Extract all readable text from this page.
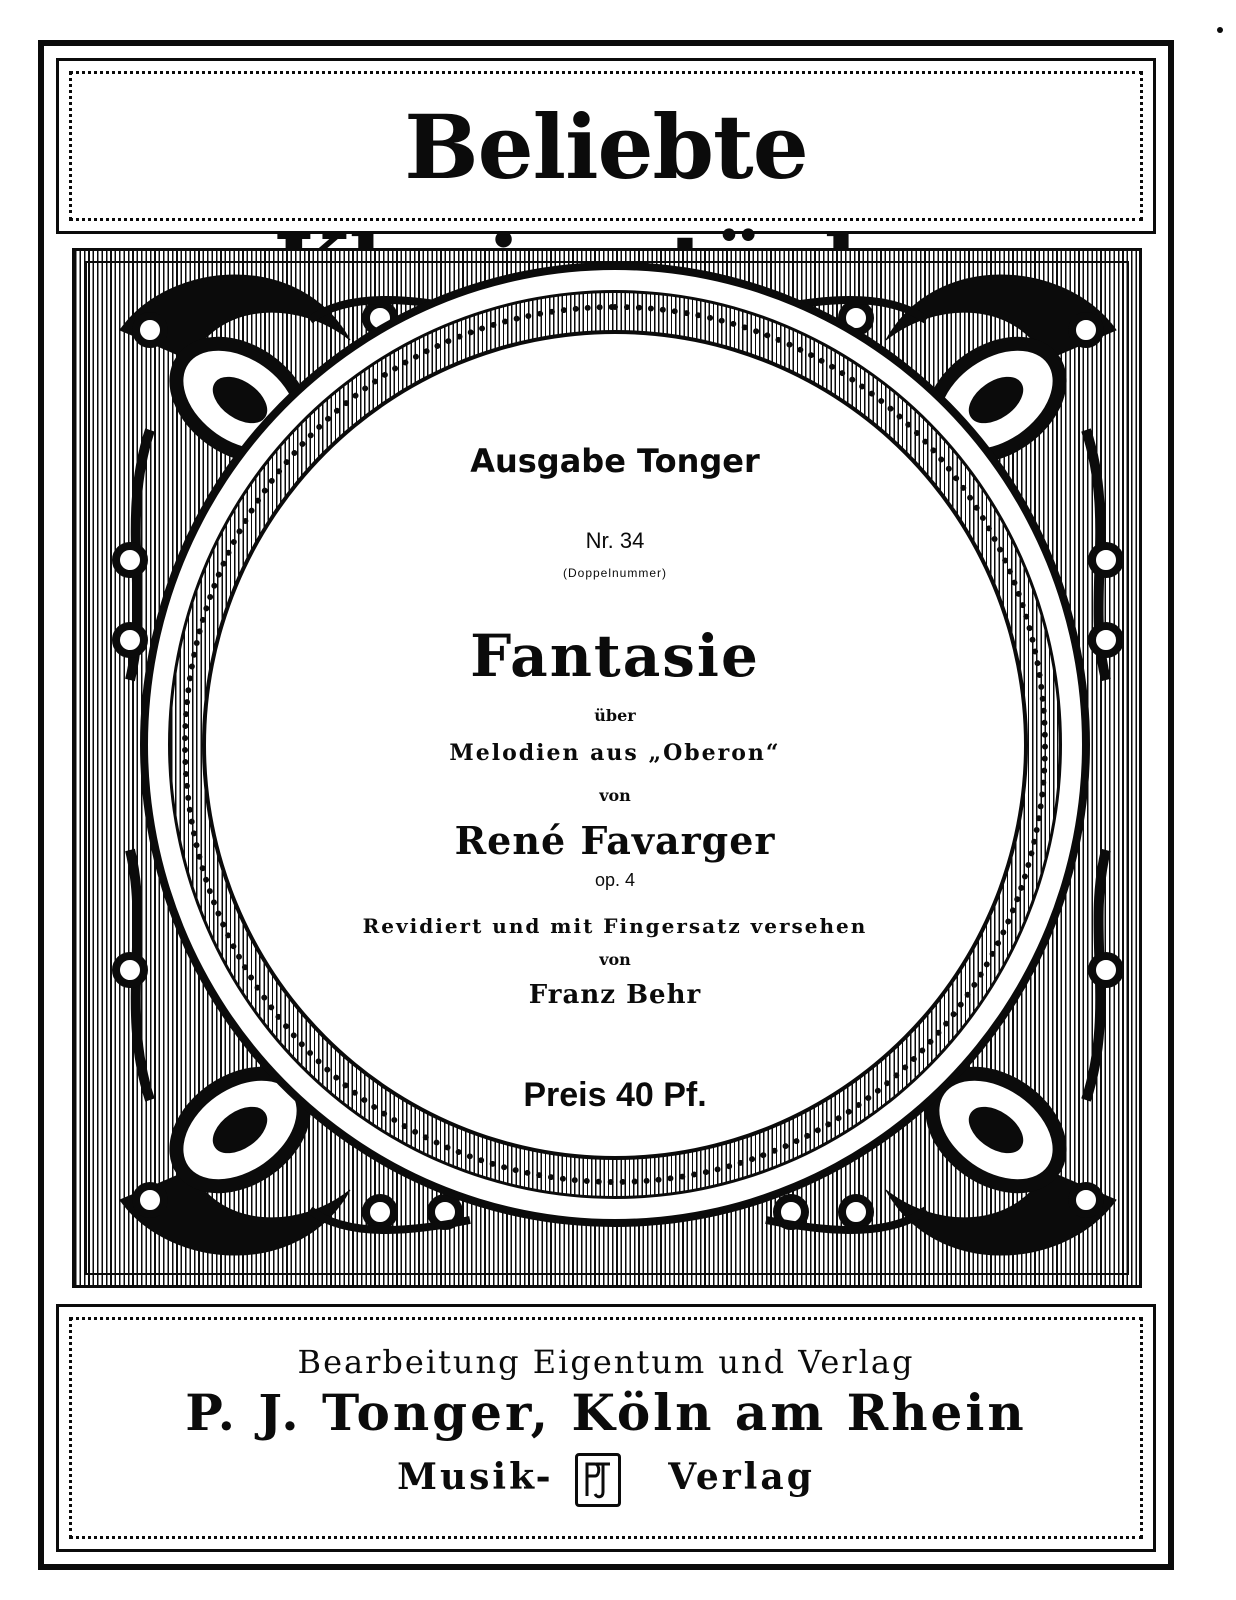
Beliebte
Ausgabe Tonger
Nr. 34
(Doppelnummer)
Fantasie
über
Melodien aus „Oberon“
von
René Favarger
op. 4
Revidiert und mit Fingersatz versehen
von
Franz Behr
Preis 40 Pf.
Bearbeitung Eigentum und Verlag
P. J. Tonger, Köln am Rhein
Musik-	Verlag
